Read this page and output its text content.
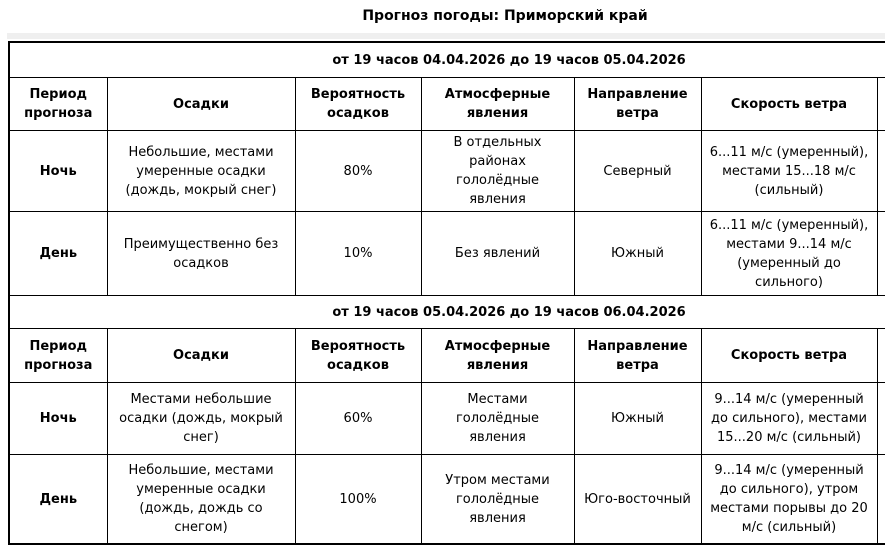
Прогноз погоды: Приморский край
от 19 часов 04.04.2026 до 19 часов 05.04.2026						
Период прогноза	Осадки	Вероятность осадков	Атмосферные явления	Направление ветра	Скорость ветра	
Ночь	Небольшие, местами умеренные осадки (дождь, мокрый снег)	80%	В отдельных районах гололёдные явления	Северный	6...11 м/с (умеренный), местами 15...18 м/с (сильный)	
День	Преимущественно без осадков	10%	Без явлений	Южный	6...11 м/с (умеренный), местами 9...14 м/с (умеренный до сильного)	
от 19 часов 05.04.2026 до 19 часов 06.04.2026						
Период прогноза	Осадки	Вероятность осадков	Атмосферные явления	Направление ветра	Скорость ветра	
Ночь	Местами небольшие осадки (дождь, мокрый снег)	60%	Местами гололёдные явления	Южный	9...14 м/с (умеренный до сильного), местами 15...20 м/с (сильный)	
День	Небольшие, местами умеренные осадки (дождь, дождь со снегом)	100%	Утром местами гололёдные явления	Юго-восточный	9...14 м/с (умеренный до сильного), утром местами порывы до 20 м/с (сильный)	
